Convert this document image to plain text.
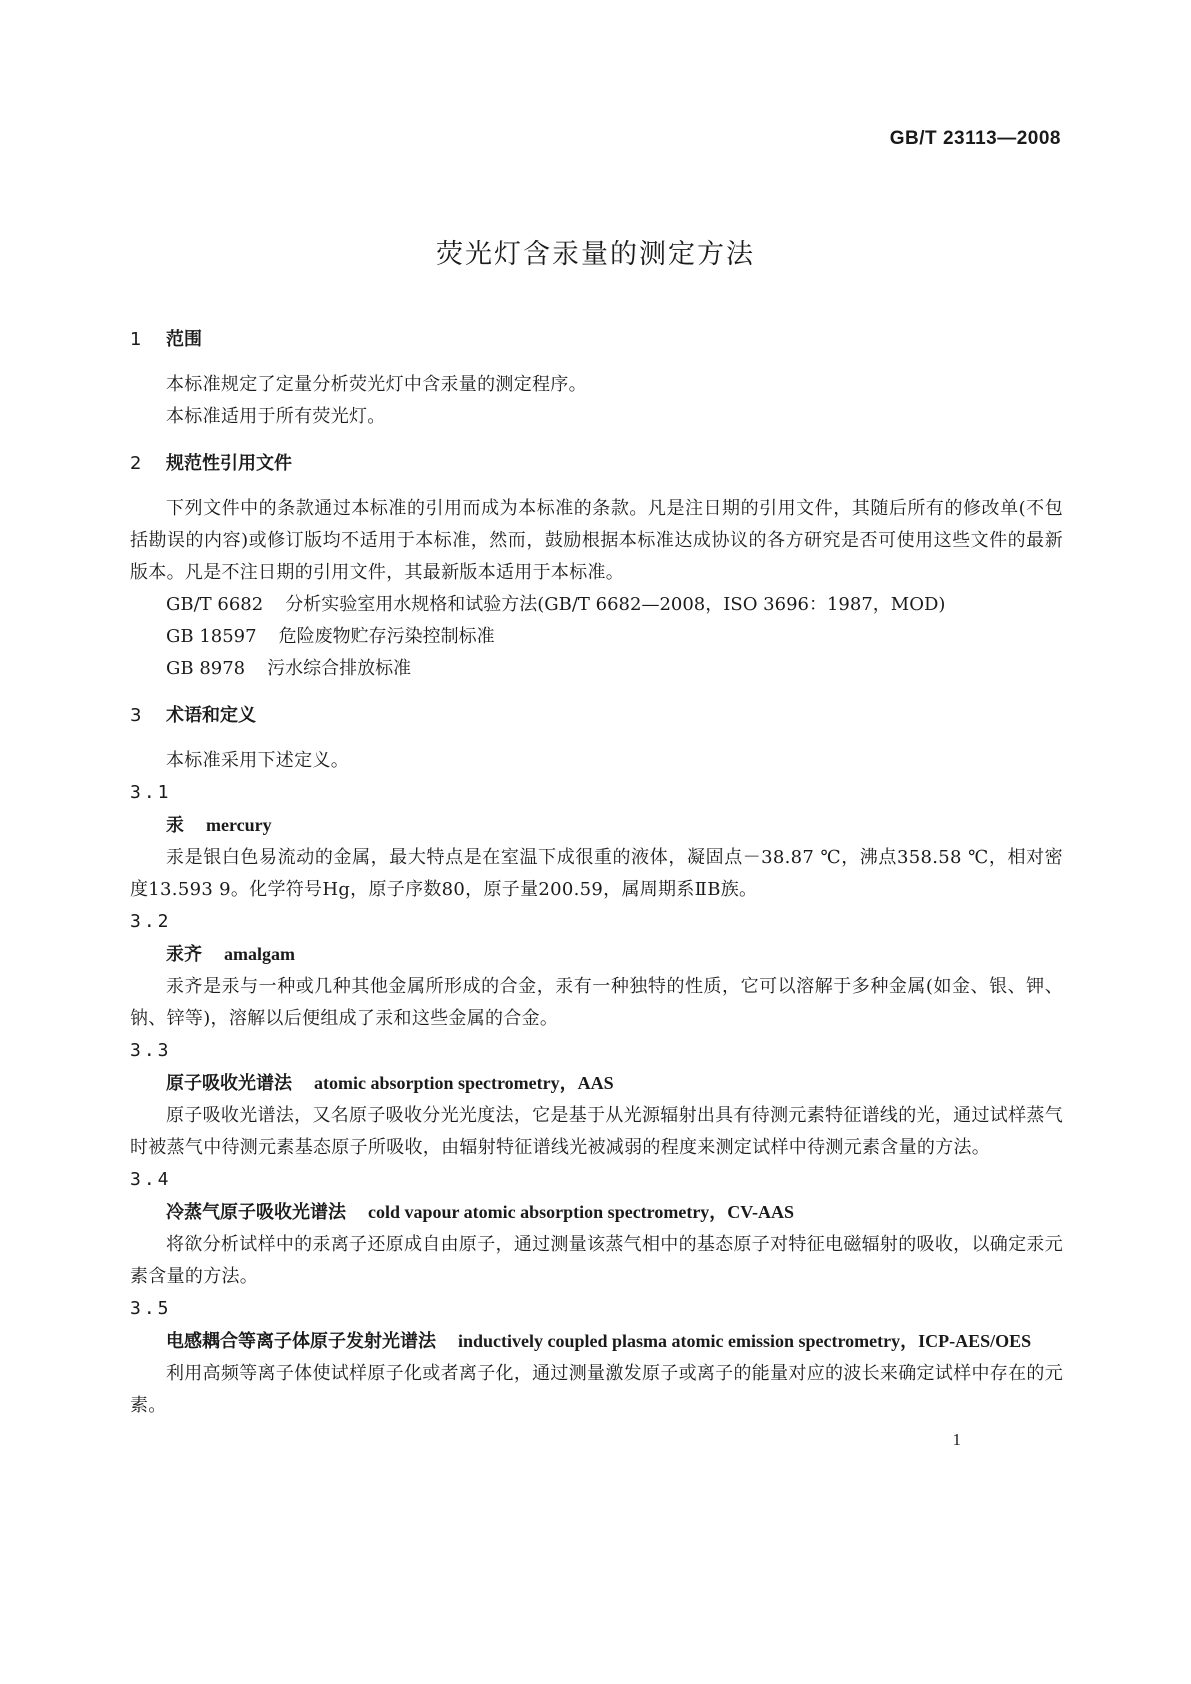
GB/T 23113—2008
荧光灯含汞量的测定方法
1 范围

本标准规定了定量分析荧光灯中含汞量的测定程序。

本标准适用于所有荧光灯。

2 规范性引用文件

下列文件中的条款通过本标准的引用而成为本标准的条款。凡是注日期的引用文件，其随后所有的修改单(不包括勘误的内容)或修订版均不适用于本标准，然而，鼓励根据本标准达成协议的各方研究是否可使用这些文件的最新版本。凡是不注日期的引用文件，其最新版本适用于本标准。

GB/T 6682 分析实验室用水规格和试验方法(GB/T 6682—2008，ISO 3696：1987，MOD)

GB 18597 危险废物贮存污染控制标准

GB 8978 污水综合排放标准

3 术语和定义

本标准采用下述定义。

3.1

汞 mercury

汞是银白色易流动的金属，最大特点是在室温下成很重的液体，凝固点－38.87 ℃，沸点358.58 ℃，相对密度13.593 9。化学符号Hg，原子序数80，原子量200.59，属周期系ⅡB族。

3.2

汞齐 amalgam

汞齐是汞与一种或几种其他金属所形成的合金，汞有一种独特的性质，它可以溶解于多种金属(如金、银、钾、钠、锌等)，溶解以后便组成了汞和这些金属的合金。

3.3

原子吸收光谱法 atomic absorption spectrometry，AAS

原子吸收光谱法，又名原子吸收分光光度法，它是基于从光源辐射出具有待测元素特征谱线的光，通过试样蒸气时被蒸气中待测元素基态原子所吸收，由辐射特征谱线光被减弱的程度来测定试样中待测元素含量的方法。

3.4

冷蒸气原子吸收光谱法 cold vapour atomic absorption spectrometry，CV-AAS

将欲分析试样中的汞离子还原成自由原子，通过测量该蒸气相中的基态原子对特征电磁辐射的吸收，以确定汞元素含量的方法。

3.5

电感耦合等离子体原子发射光谱法 inductively coupled plasma atomic emission spectrometry，ICP-AES/OES

利用高频等离子体使试样原子化或者离子化，通过测量激发原子或离子的能量对应的波长来确定试样中存在的元素。

1
